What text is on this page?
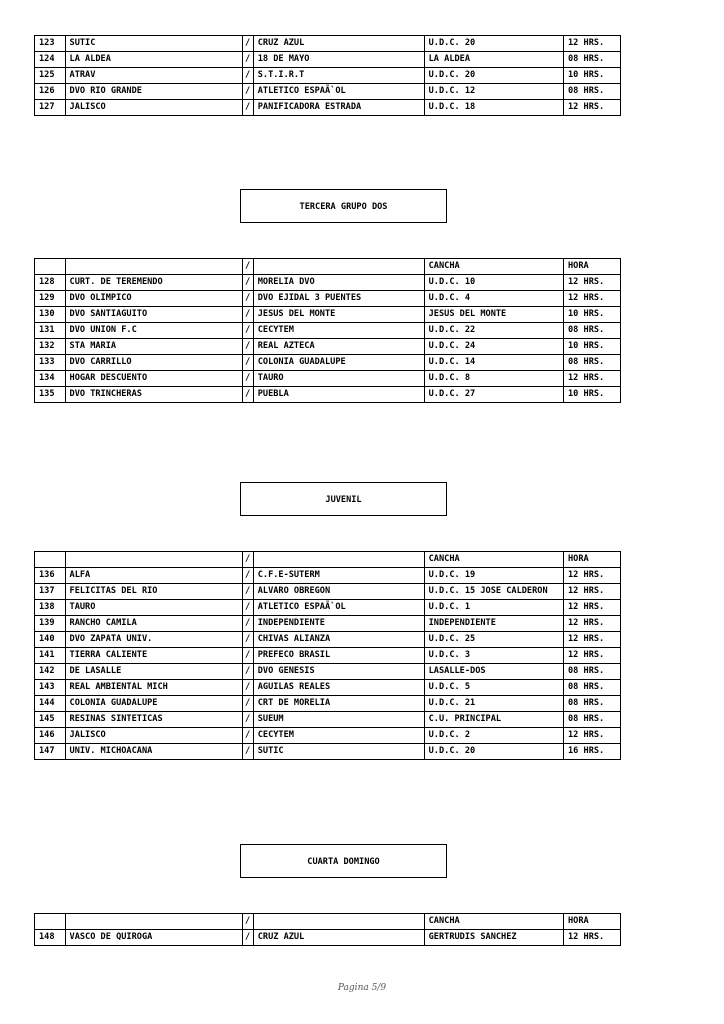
123	SUTIC	/	CRUZ AZUL	U.D.C. 20	12 HRS.
124	LA ALDEA	/	18 DE MAYO	LA ALDEA	08 HRS.
125	ATRAV	/	S.T.I.R.T	U.D.C. 20	10 HRS.
126	DVO RIO GRANDE	/	ATLETICO ESPAÃ`OL	U.D.C. 12	08 HRS.
127	JALISCO	/	PANIFICADORA ESTRADA	U.D.C. 18	12 HRS.
TERCERA GRUPO DOS
		/		CANCHA	HORA
128	CURT. DE TEREMENDO	/	MORELIA DVO	U.D.C. 10	12 HRS.
129	DVO OLIMPICO	/	DVO EJIDAL 3 PUENTES	U.D.C. 4	12 HRS.
130	DVO SANTIAGUITO	/	JESUS DEL MONTE	JESUS DEL MONTE	10 HRS.
131	DVO UNION F.C	/	CECYTEM	U.D.C. 22	08 HRS.
132	STA MARIA	/	REAL AZTECA	U.D.C. 24	10 HRS.
133	DVO CARRILLO	/	COLONIA GUADALUPE	U.D.C. 14	08 HRS.
134	HOGAR DESCUENTO	/	TAURO	U.D.C. 8	12 HRS.
135	DVO TRINCHERAS	/	PUEBLA	U.D.C. 27	10 HRS.
JUVENIL
		/		CANCHA	HORA
136	ALFA	/	C.F.E-SUTERM	U.D.C. 19	12 HRS.
137	FELICITAS DEL RIO	/	ALVARO OBREGON	U.D.C. 15 JOSE CALDERON	12 HRS.
138	TAURO	/	ATLETICO ESPAÃ`OL	U.D.C. 1	12 HRS.
139	RANCHO CAMILA	/	INDEPENDIENTE	INDEPENDIENTE	12 HRS.
140	DVO ZAPATA UNIV.	/	CHIVAS ALIANZA	U.D.C. 25	12 HRS.
141	TIERRA CALIENTE	/	PREFECO BRASIL	U.D.C. 3	12 HRS.
142	DE LASALLE	/	DVO GENESIS	LASALLE-DOS	08 HRS.
143	REAL AMBIENTAL MICH	/	AGUILAS REALES	U.D.C. 5	08 HRS.
144	COLONIA GUADALUPE	/	CRT DE MORELIA	U.D.C. 21	08 HRS.
145	RESINAS SINTETICAS	/	SUEUM	C.U. PRINCIPAL	08 HRS.
146	JALISCO	/	CECYTEM	U.D.C. 2	12 HRS.
147	UNIV. MICHOACANA	/	SUTIC	U.D.C. 20	16 HRS.
CUARTA DOMINGO
		/		CANCHA	HORA
148	VASCO DE QUIROGA	/	CRUZ AZUL	GERTRUDIS SANCHEZ	12 HRS.
Pagina 5/9
